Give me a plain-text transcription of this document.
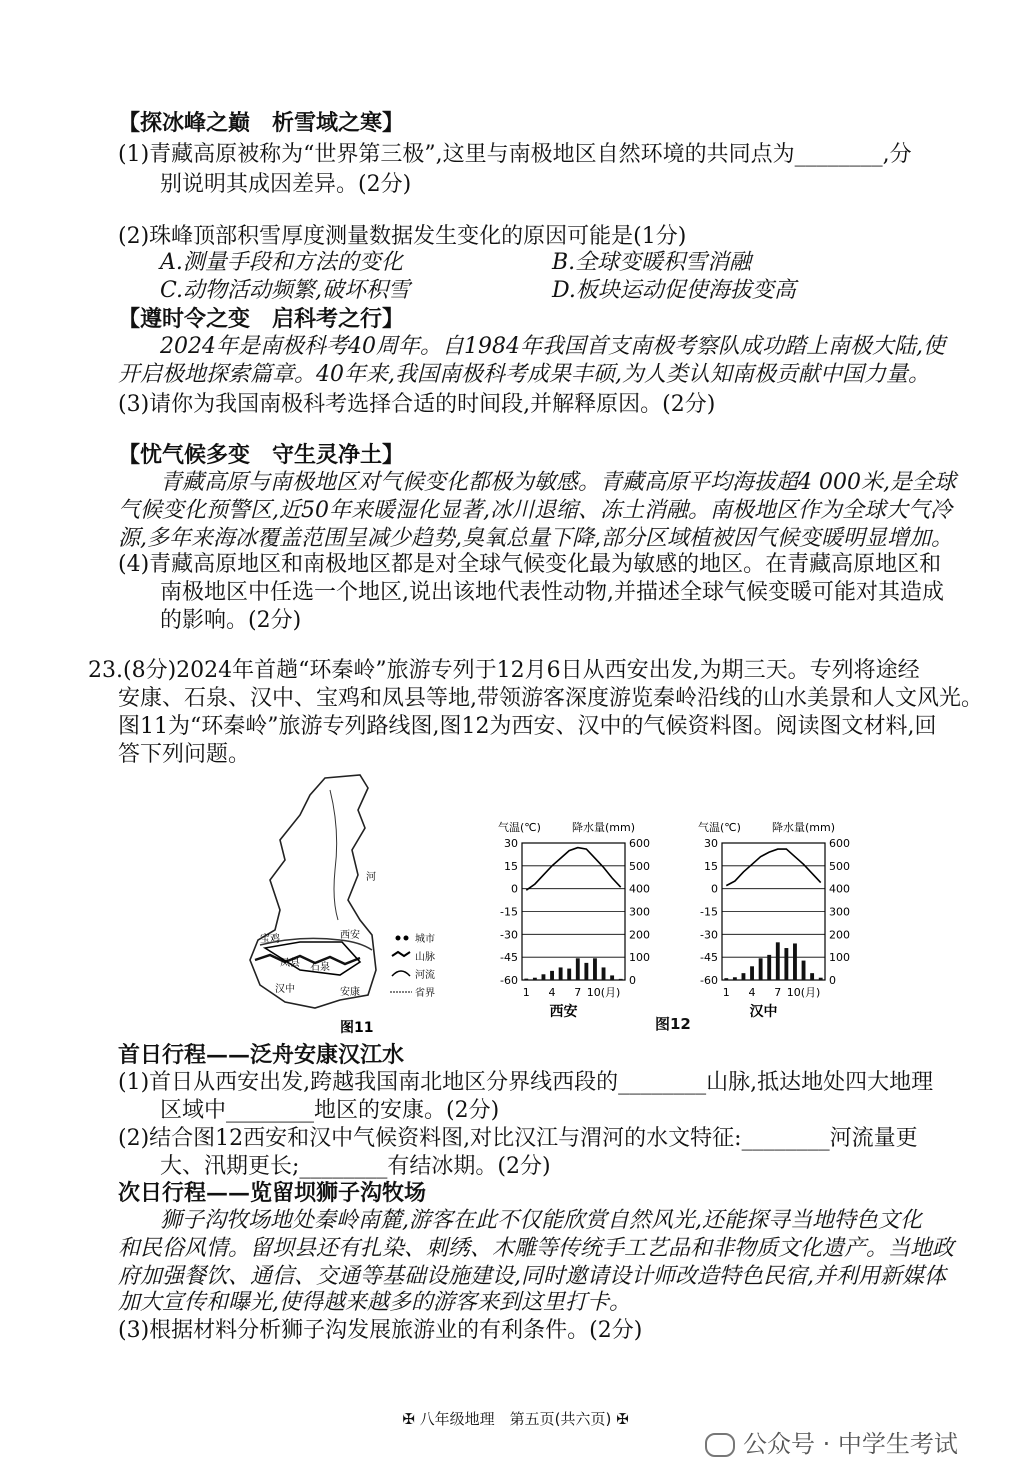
【探冰峰之巅　析雪域之寒】
(1)青藏高原被称为“世界第三极”,这里与南极地区自然环境的共同点为________,分
别说明其成因差异。(2分)
(2)珠峰顶部积雪厚度测量数据发生变化的原因可能是(1分)
A.测量手段和方法的变化	B.全球变暖积雪消融
C.动物活动频繁,破坏积雪	D.板块运动促使海拔变高
【遵时令之变　启科考之行】
2024年是南极科考40周年。自1984年我国首支南极考察队成功踏上南极大陆,使
开启极地探索篇章。40年来,我国南极科考成果丰硕,为人类认知南极贡献中国力量。
(3)请你为我国南极科考选择合适的时间段,并解释原因。(2分)
【忧气候多变　守生灵净土】
青藏高原与南极地区对气候变化都极为敏感。青藏高原平均海拔超4 000米,是全球
气候变化预警区,近50年来暖湿化显著,冰川退缩、冻土消融。南极地区作为全球大气冷
源,多年来海冰覆盖范围呈减少趋势,臭氧总量下降,部分区域植被因气候变暖明显增加。
(4)青藏高原地区和南极地区都是对全球气候变化最为敏感的地区。在青藏高原地区和
南极地区中任选一个地区,说出该地代表性动物,并描述全球气候变暖可能对其造成
的影响。(2分)
23.(8分)2024年首趟“环秦岭”旅游专列于12月6日从西安出发,为期三天。专列将途经
安康、石泉、汉中、宝鸡和凤县等地,带领游客深度游览秦岭沿线的山水美景和人文风光。
图11为“环秦岭”旅游专列路线图,图12为西安、汉中的气候资料图。阅读图文材料,回
答下列问题。
宝鸡	西安
凤县 石泉
汉中	安康
河
城市
山脉
河流
省界
图11
气温(℃)	降水量(mm)
30
15
0
-15
-30
-45
-60
600
500
400
300
200
100
0
1 4 7 10(月)
西安
气温(℃)	降水量(mm)
30
15
0
-15
-30
-45
-60
600
500
400
300
200
100
0
1 4 7 10(月)
汉中
图12
首日行程——泛舟安康汉江水
(1)首日从西安出发,跨越我国南北地区分界线西段的________山脉,抵达地处四大地理
区域中________地区的安康。(2分)
(2)结合图12西安和汉中气候资料图,对比汉江与渭河的水文特征:________河流量更
大、汛期更长;________有结冰期。(2分)
次日行程——览留坝狮子沟牧场
狮子沟牧场地处秦岭南麓,游客在此不仅能欣赏自然风光,还能探寻当地特色文化
和民俗风情。留坝县还有扎染、刺绣、木雕等传统手工艺品和非物质文化遗产。当地政
府加强餐饮、通信、交通等基础设施建设,同时邀请设计师改造特色民宿,并利用新媒体
加大宣传和曝光,使得越来越多的游客来到这里打卡。
(3)根据材料分析狮子沟发展旅游业的有利条件。(2分)
✠ 八年级地理　第五页(共六页) ✠
公众号 · 中学生考试
